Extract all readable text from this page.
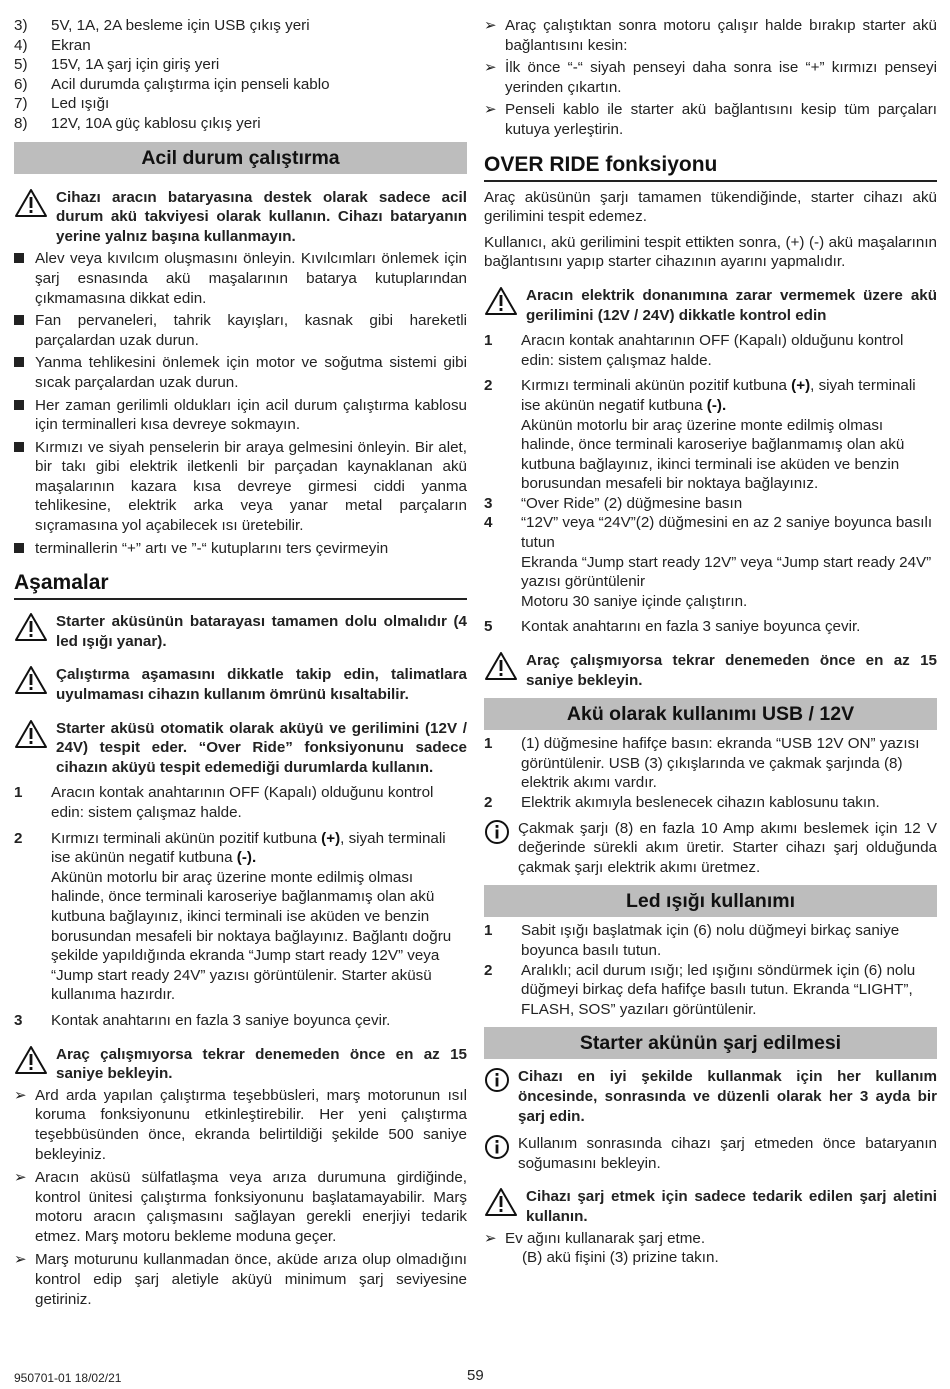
3)	5V, 1A, 2A besleme için USB çıkış yeri
4)	Ekran
5)	15V, 1A şarj için giriş yeri
6)	Acil durumda çalıştırma için penseli kablo
7)	Led ışığı
8)	12V, 10A güç kablosu çıkış yeri
Acil durum çalıştırma
Cihazı aracın bataryasına destek olarak sadece acil durum akü takviyesi olarak kullanın. Cihazı bataryanın yerine yalnız başına kullanmayın.
Alev veya kıvılcım oluşmasını önleyin. Kıvılcımları önlemek için şarj esnasında akü maşalarının batarya kutuplarından çıkmamasına dikkat edin.
Fan pervaneleri, tahrik kayışları, kasnak gibi hareketli parçalardan uzak durun.
Yanma tehlikesini önlemek için motor ve soğutma sistemi gibi sıcak parçalardan uzak durun.
Her zaman gerilimli oldukları için acil durum çalıştırma kablosu için terminalleri kısa devreye sokmayın.
Kırmızı ve siyah penselerin bir araya gelmesini önleyin. Bir alet, bir takı gibi elektrik iletkenli bir parçadan kaynaklanan akü maşalarının kazara kısa devreye girmesi ciddi yanma tehlikesine, elektrik arka veya yanar metal parçaların sıçramasına yol açabilecek ısı üretebilir.
terminallerin “+” artı ve ”-“ kutuplarını ters çevirmeyin
Aşamalar
Starter aküsünün batarayası tamamen dolu olmalıdır (4 led ışığı yanar).
Çalıştırma aşamasını dikkatle takip edin, talimatlara uyulmaması cihazın kullanım ömrünü kısaltabilir.
Starter aküsü otomatik olarak aküyü ve gerilimini (12V / 24V) tespit eder. “Over Ride” fonksiyonunu sadece cihazın aküyü tespit edemediği durumlarda kullanın.
1	Aracın kontak anahtarının OFF (Kapalı) olduğunu kontrol edin: sistem çalışmaz halde.
2	Kırmızı terminali akünün pozitif kutbuna (+), siyah terminali ise akünün negatif kutbuna (-).
Akünün motorlu bir araç üzerine monte edilmiş olması halinde, önce terminali karoseriye bağlanmamış olan akü kutbuna bağlayınız, ikinci terminali ise aküden ve benzin borusundan mesafeli bir noktaya bağlayınız. Bağlantı doğru şekilde yapıldığında ekranda “Jump start ready 12V” veya “Jump start ready 24V” yazısı görüntülenir. Starter aküsü kullanıma hazırdır.
3	Kontak anahtarını en fazla 3 saniye boyunca çevir.
Araç çalışmıyorsa tekrar denemeden önce en az 15 saniye bekleyin.
➢ Ard arda yapılan çalıştırma teşebbüsleri, marş motorunun ısıl koruma fonksiyonunu etkinleştirebilir. Her yeni çalıştırma teşebbüsünden önce, ekranda belirtildiği şekilde 500 saniye bekleyiniz.
➢ Aracın aküsü sülfatlaşma veya arıza durumuna girdiğinde, kontrol ünitesi çalıştırma fonksiyonunu başlatamayabilir. Marş motoru aracın çalışmasını sağlayan gerekli enerjiyi tedarik etmez. Marş motoru bekleme moduna geçer.
➢ Marş moturunu kullanmadan önce, aküde arıza olup olmadığını kontrol edip şarj aletiyle aküyü minimum şarj seviyesine getiriniz.
➢ Araç çalıştıktan sonra motoru çalışır halde bırakıp starter akü bağlantısını kesin:
➢ İlk önce “-“ siyah penseyi daha sonra ise “+” kırmızı penseyi yerinden çıkartın.
➢ Penseli kablo ile starter akü bağlantısını kesip tüm parçaları kutuya yerleştirin.
OVER RIDE fonksiyonu
Araç aküsünün şarjı tamamen tükendiğinde, starter cihazı akü gerilimini tespit edemez.
Kullanıcı, akü gerilimini tespit ettikten sonra, (+) (-) akü maşalarının bağlantısını yapıp starter cihazının ayarını yapmalıdır.
Aracın elektrik donanımına zarar vermemek üzere akü gerilimini (12V / 24V) dikkatle kontrol edin
1	Aracın kontak anahtarının OFF (Kapalı) olduğunu kontrol edin: sistem çalışmaz halde.
2	Kırmızı terminali akünün pozitif kutbuna (+), siyah terminali ise akünün negatif kutbuna (-).
Akünün motorlu bir araç üzerine monte edilmiş olması halinde, önce terminali karoseriye bağlanmamış olan akü kutbuna bağlayınız, ikinci terminali ise aküden ve benzin borusundan mesafeli bir noktaya bağlayınız.
3	“Over Ride” (2) düğmesine basın
4	“12V” veya “24V”(2) düğmesini en az 2 saniye boyunca basılı tutun
Ekranda “Jump start ready 12V” veya “Jump start ready 24V” yazısı görüntülenir
Motoru 30 saniye içinde çalıştırın.
5	Kontak anahtarını en fazla 3 saniye boyunca çevir.
Araç çalışmıyorsa tekrar denemeden önce en az 15 saniye bekleyin.
Akü olarak kullanımı USB / 12V
1	(1) düğmesine hafifçe basın: ekranda “USB 12V ON” yazısı görüntülenir. USB (3) çıkışlarında ve çakmak şarjında (8) elektrik akımı vardır.
2	Elektrik akımıyla beslenecek cihazın kablosunu takın.
Çakmak şarjı (8) en fazla 10 Amp akımı beslemek için 12 V değerinde sürekli akım üretir. Starter cihazı şarj olduğunda çakmak şarjı elektrik akımı üretmez.
Led ışığı kullanımı
1	Sabit ışığı başlatmak için (6) nolu düğmeyi birkaç saniye boyunca basılı tutun.
2	Aralıklı; acil durum ısığı; led ışığını söndürmek için (6) nolu düğmeyi birkaç defa hafifçe basılı tutun. Ekranda “LIGHT”, FLASH, SOS” yazıları görüntülenir.
Starter akünün şarj edilmesi
Cihazı en iyi şekilde kullanmak için her kullanım öncesinde, sonrasında ve düzenli olarak her 3 ayda bir şarj edin.
Kullanım sonrasında cihazı şarj etmeden önce bataryanın soğumasını bekleyin.
Cihazı şarj etmek için sadece tedarik edilen şarj aletini kullanın.
➢ Ev ağını kullanarak şarj etme.
(B) akü fişini (3) prizine takın.
950701-01 18/02/21	59
